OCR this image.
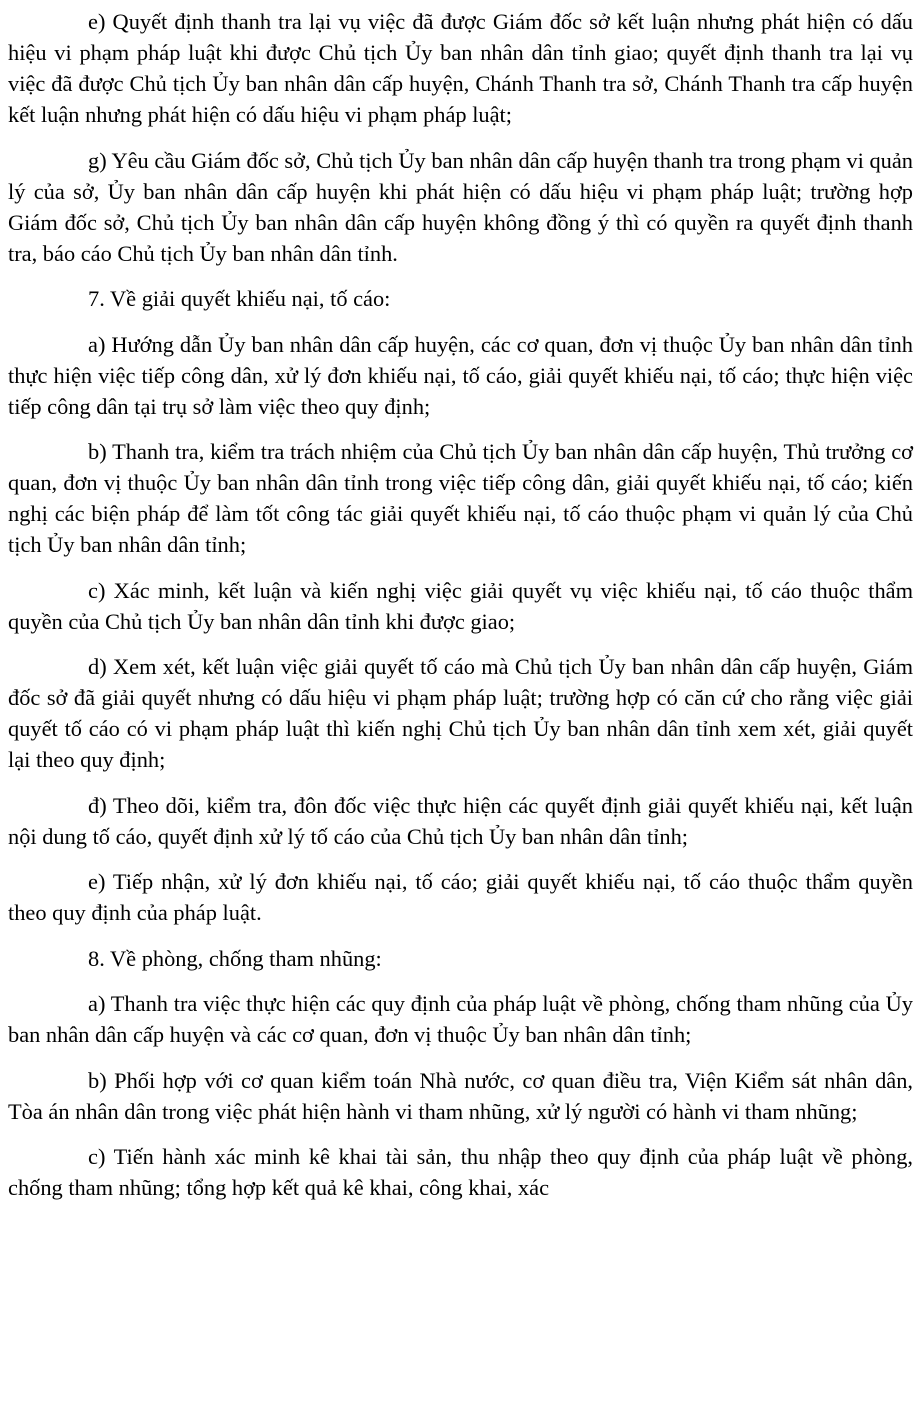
e) Quyết định thanh tra lại vụ việc đã được Giám đốc sở kết luận nhưng phát hiện có dấu hiệu vi phạm pháp luật khi được Chủ tịch Ủy ban nhân dân tỉnh giao; quyết định thanh tra lại vụ việc đã được Chủ tịch Ủy ban nhân dân cấp huyện, Chánh Thanh tra sở, Chánh Thanh tra cấp huyện kết luận nhưng phát hiện có dấu hiệu vi phạm pháp luật;

g) Yêu cầu Giám đốc sở, Chủ tịch Ủy ban nhân dân cấp huyện thanh tra trong phạm vi quản lý của sở, Ủy ban nhân dân cấp huyện khi phát hiện có dấu hiệu vi phạm pháp luật; trường hợp Giám đốc sở, Chủ tịch Ủy ban nhân dân cấp huyện không đồng ý thì có quyền ra quyết định thanh tra, báo cáo Chủ tịch Ủy ban nhân dân tỉnh.

7. Về giải quyết khiếu nại, tố cáo:

a) Hướng dẫn Ủy ban nhân dân cấp huyện, các cơ quan, đơn vị thuộc Ủy ban nhân dân tỉnh thực hiện việc tiếp công dân, xử lý đơn khiếu nại, tố cáo, giải quyết khiếu nại, tố cáo; thực hiện việc tiếp công dân tại trụ sở làm việc theo quy định;

b) Thanh tra, kiểm tra trách nhiệm của Chủ tịch Ủy ban nhân dân cấp huyện, Thủ trưởng cơ quan, đơn vị thuộc Ủy ban nhân dân tỉnh trong việc tiếp công dân, giải quyết khiếu nại, tố cáo; kiến nghị các biện pháp để làm tốt công tác giải quyết khiếu nại, tố cáo thuộc phạm vi quản lý của Chủ tịch Ủy ban nhân dân tỉnh;

c) Xác minh, kết luận và kiến nghị việc giải quyết vụ việc khiếu nại, tố cáo thuộc thẩm quyền của Chủ tịch Ủy ban nhân dân tỉnh khi được giao;

d) Xem xét, kết luận việc giải quyết tố cáo mà Chủ tịch Ủy ban nhân dân cấp huyện, Giám đốc sở đã giải quyết nhưng có dấu hiệu vi phạm pháp luật; trường hợp có căn cứ cho rằng việc giải quyết tố cáo có vi phạm pháp luật thì kiến nghị Chủ tịch Ủy ban nhân dân tỉnh xem xét, giải quyết lại theo quy định;

đ) Theo dõi, kiểm tra, đôn đốc việc thực hiện các quyết định giải quyết khiếu nại, kết luận nội dung tố cáo, quyết định xử lý tố cáo của Chủ tịch Ủy ban nhân dân tỉnh;

e) Tiếp nhận, xử lý đơn khiếu nại, tố cáo; giải quyết khiếu nại, tố cáo thuộc thẩm quyền theo quy định của pháp luật.

8. Về phòng, chống tham nhũng:

a) Thanh tra việc thực hiện các quy định của pháp luật về phòng, chống tham nhũng của Ủy ban nhân dân cấp huyện và các cơ quan, đơn vị thuộc Ủy ban nhân dân tỉnh;

b) Phối hợp với cơ quan kiểm toán Nhà nước, cơ quan điều tra, Viện Kiểm sát nhân dân, Tòa án nhân dân trong việc phát hiện hành vi tham nhũng, xử lý người có hành vi tham nhũng;

c) Tiến hành xác minh kê khai tài sản, thu nhập theo quy định của pháp luật về phòng, chống tham nhũng; tổng hợp kết quả kê khai, công khai, xác
